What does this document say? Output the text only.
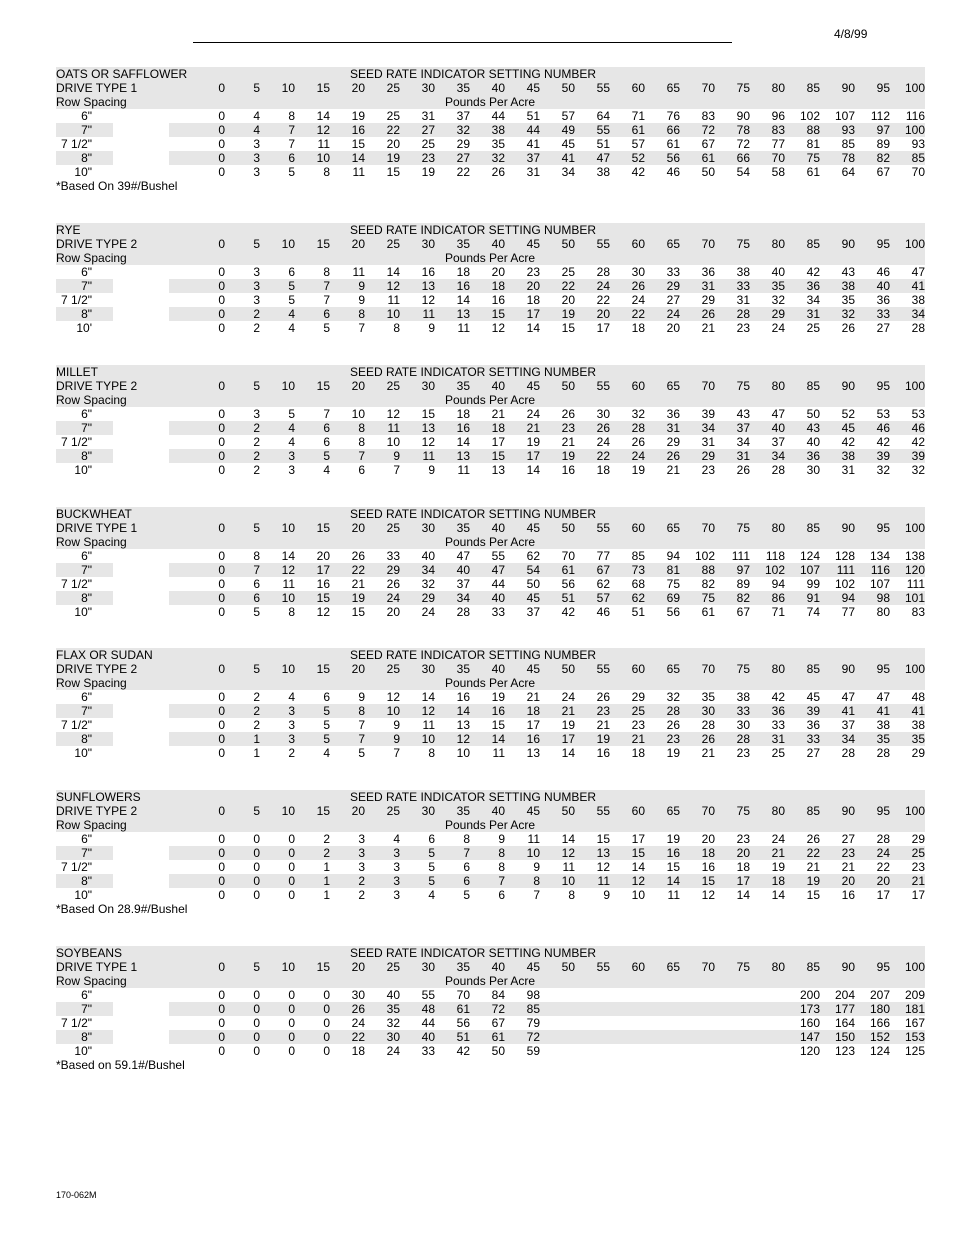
4/8/99
OATS OR SAFFLOWER SEED RATE INDICATOR SETTING NUMBER																						

DRIVE TYPE 1		0	5	10	15	20	25	30	35	40	45	50	55	60	65	70	75	80	85	90	95	100

Row Spacing Pounds Per Acre																						

6"		0	4	8	14	19	25	31	37	44	51	57	64	71	76	83	90	96	102	107	112	116
7"		0	4	7	12	16	22	27	32	38	44	49	55	61	66	72	78	83	88	93	97	100
7 1/2"		0	3	7	11	15	20	25	29	35	41	45	51	57	61	67	72	77	81	85	89	93
8"		0	3	6	10	14	19	23	27	32	37	41	47	52	56	61	66	70	75	78	82	85
10"		0	3	5	8	11	15	19	22	26	31	34	38	42	46	50	54	58	61	64	67	70
*Based On 39#/Bushel																						
RYE SEED RATE INDICATOR SETTING NUMBER																						

DRIVE TYPE 2		0	5	10	15	20	25	30	35	40	45	50	55	60	65	70	75	80	85	90	95	100

Row Spacing Pounds Per Acre																						

6"		0	3	6	8	11	14	16	18	20	23	25	28	30	33	36	38	40	42	43	46	47
7"		0	3	5	7	9	12	13	16	18	20	22	24	26	29	31	33	35	36	38	40	41
7 1/2"		0	3	5	7	9	11	12	14	16	18	20	22	24	27	29	31	32	34	35	36	38
8"		0	2	4	6	8	10	11	13	15	17	19	20	22	24	26	28	29	31	32	33	34
10'		0	2	4	5	7	8	9	11	12	14	15	17	18	20	21	23	24	25	26	27	28
MILLET SEED RATE INDICATOR SETTING NUMBER																						

DRIVE TYPE 2		0	5	10	15	20	25	30	35	40	45	50	55	60	65	70	75	80	85	90	95	100

Row Spacing Pounds Per Acre																						

6"		0	3	5	7	10	12	15	18	21	24	26	30	32	36	39	43	47	50	52	53	53
7"		0	2	4	6	8	11	13	16	18	21	23	26	28	31	34	37	40	43	45	46	46
7 1/2"		0	2	4	6	8	10	12	14	17	19	21	24	26	29	31	34	37	40	42	42	42
8"		0	2	3	5	7	9	11	13	15	17	19	22	24	26	29	31	34	36	38	39	39
10"		0	2	3	4	6	7	9	11	13	14	16	18	19	21	23	26	28	30	31	32	32
BUCKWHEAT SEED RATE INDICATOR SETTING NUMBER																						

DRIVE TYPE 1		0	5	10	15	20	25	30	35	40	45	50	55	60	65	70	75	80	85	90	95	100

Row Spacing Pounds Per Acre																						

6"		0	8	14	20	26	33	40	47	55	62	70	77	85	94	102	111	118	124	128	134	138
7"		0	7	12	17	22	29	34	40	47	54	61	67	73	81	88	97	102	107	111	116	120
7 1/2"		0	6	11	16	21	26	32	37	44	50	56	62	68	75	82	89	94	99	102	107	111
8"		0	6	10	15	19	24	29	34	40	45	51	57	62	69	75	82	86	91	94	98	101
10"		0	5	8	12	15	20	24	28	33	37	42	46	51	56	61	67	71	74	77	80	83
FLAX OR SUDAN SEED RATE INDICATOR SETTING NUMBER																						

DRIVE TYPE 2		0	5	10	15	20	25	30	35	40	45	50	55	60	65	70	75	80	85	90	95	100

Row Spacing Pounds Per Acre																						

6"		0	2	4	6	9	12	14	16	19	21	24	26	29	32	35	38	42	45	47	47	48
7"		0	2	3	5	8	10	12	14	16	18	21	23	25	28	30	33	36	39	41	41	41
7 1/2"		0	2	3	5	7	9	11	13	15	17	19	21	23	26	28	30	33	36	37	38	38
8"		0	1	3	5	7	9	10	12	14	16	17	19	21	23	26	28	31	33	34	35	35
10"		0	1	2	4	5	7	8	10	11	13	14	16	18	19	21	23	25	27	28	28	29
SUNFLOWERS SEED RATE INDICATOR SETTING NUMBER																						

DRIVE TYPE 2		0	5	10	15	20	25	30	35	40	45	50	55	60	65	70	75	80	85	90	95	100

Row Spacing Pounds Per Acre																						

6"		0	0	0	2	3	4	6	8	9	11	14	15	17	19	20	23	24	26	27	28	29
7"		0	0	0	2	3	3	5	7	8	10	12	13	15	16	18	20	21	22	23	24	25
7 1/2"		0	0	0	1	3	3	5	6	8	9	11	12	14	15	16	18	19	21	21	22	23
8"		0	0	0	1	2	3	5	6	7	8	10	11	12	14	15	17	18	19	20	20	21
10"		0	0	0	1	2	3	4	5	6	7	8	9	10	11	12	14	14	15	16	17	17
*Based On 28.9#/Bushel																						
SOYBEANS SEED RATE INDICATOR SETTING NUMBER																						

DRIVE TYPE 1		0	5	10	15	20	25	30	35	40	45	50	55	60	65	70	75	80	85	90	95	100

Row Spacing Pounds Per Acre																						

6"		0	0	0	0	30	40	55	70	84	98								200	204	207	209
7"		0	0	0	0	26	35	48	61	72	85								173	177	180	181
7 1/2"		0	0	0	0	24	32	44	56	67	79								160	164	166	167
8"		0	0	0	0	22	30	40	51	61	72								147	150	152	153
10"		0	0	0	0	18	24	33	42	50	59								120	123	124	125
*Based on 59.1#/Bushel																						
170-062M
